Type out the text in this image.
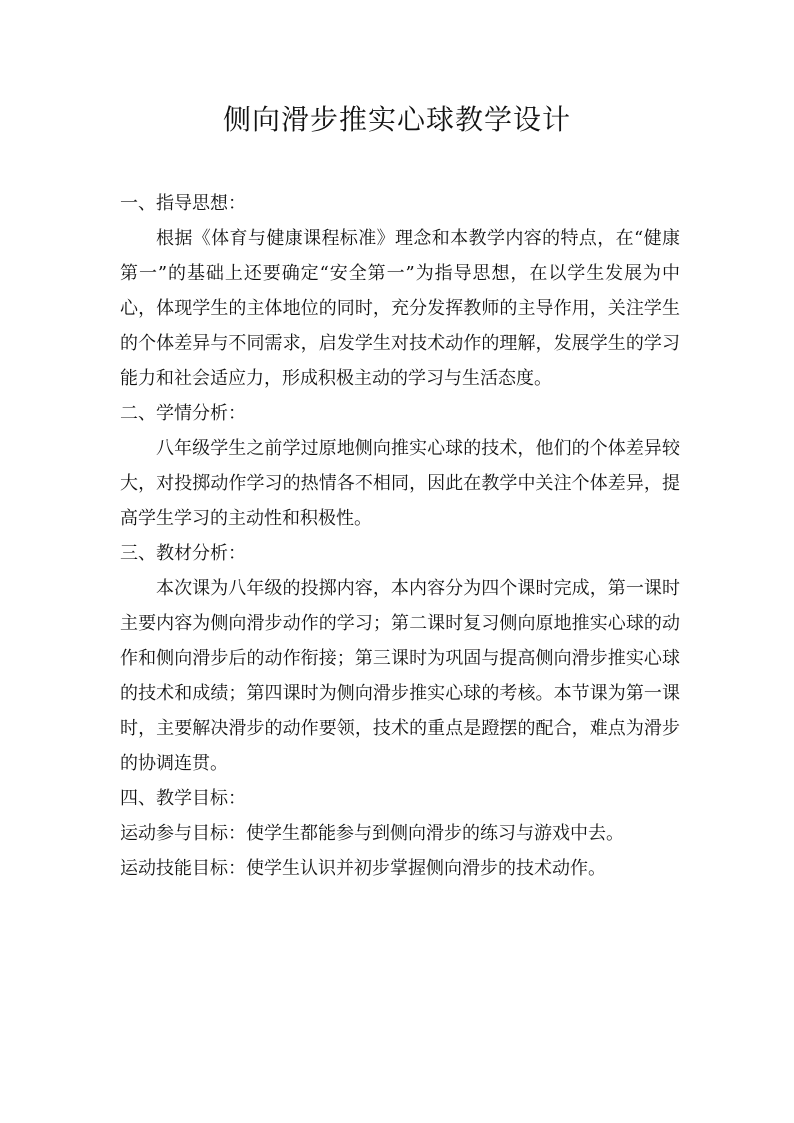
侧向滑步推实心球教学设计

一、指导思想：

根据《体育与健康课程标准》理念和本教学内容的特点，在“健康第一”的基础上还要确定“安全第一”为指导思想，在以学生发展为中心，体现学生的主体地位的同时，充分发挥教师的主导作用，关注学生的个体差异与不同需求，启发学生对技术动作的理解，发展学生的学习能力和社会适应力，形成积极主动的学习与生活态度。

二、学情分析：

八年级学生之前学过原地侧向推实心球的技术，他们的个体差异较大，对投掷动作学习的热情各不相同，因此在教学中关注个体差异，提高学生学习的主动性和积极性。

三、教材分析：

本次课为八年级的投掷内容，本内容分为四个课时完成，第一课时主要内容为侧向滑步动作的学习；第二课时复习侧向原地推实心球的动作和侧向滑步后的动作衔接；第三课时为巩固与提高侧向滑步推实心球的技术和成绩；第四课时为侧向滑步推实心球的考核。本节课为第一课时，主要解决滑步的动作要领，技术的重点是蹬摆的配合，难点为滑步的协调连贯。

四、教学目标：

运动参与目标：使学生都能参与到侧向滑步的练习与游戏中去。

运动技能目标：使学生认识并初步掌握侧向滑步的技术动作。
